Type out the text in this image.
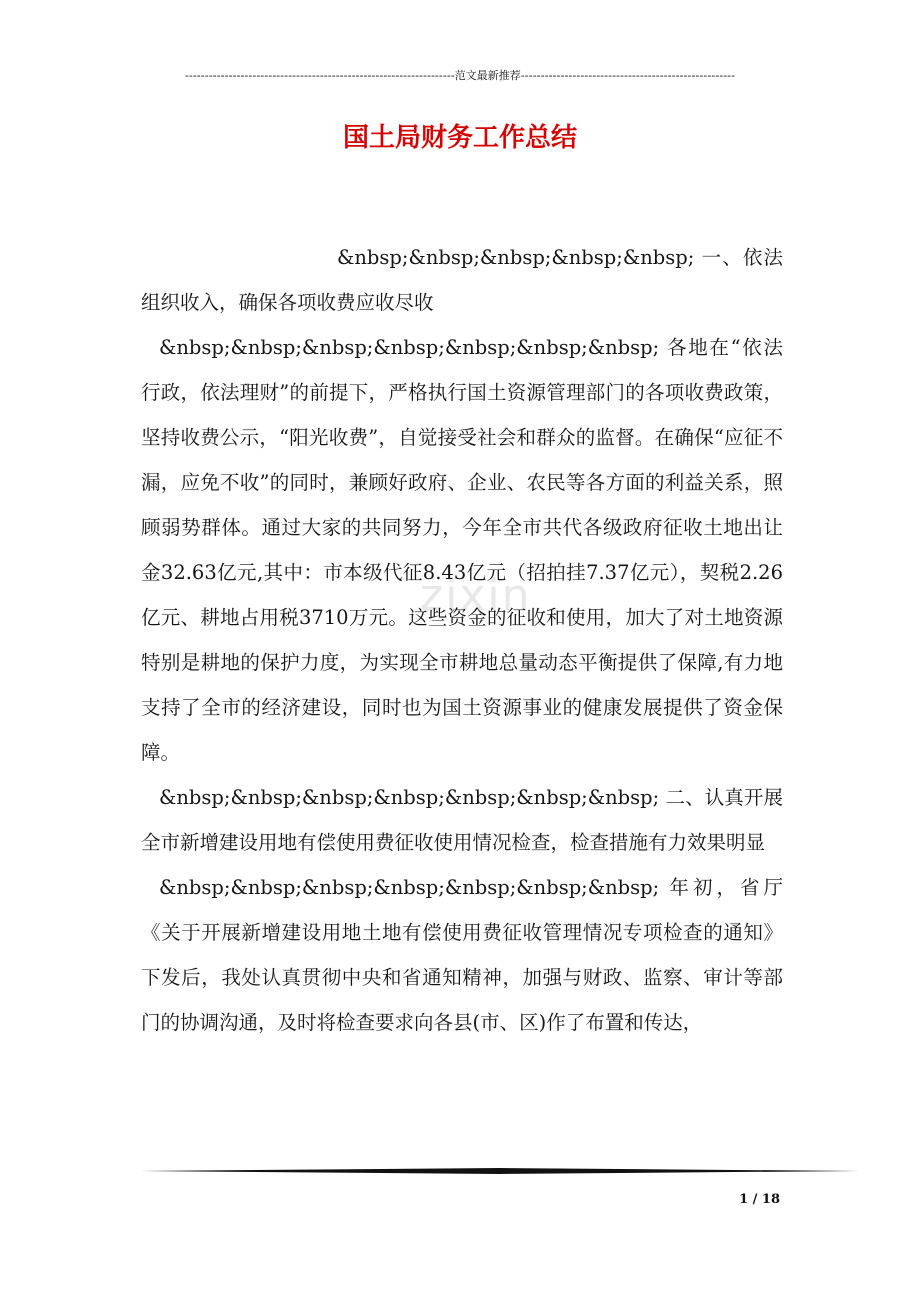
--------------------------------------------------------------------范文最新推荐------------------------------------------------------
国土局财务工作总结
zixin

&nbsp;&nbsp;&nbsp;&nbsp;&nbsp; 一、依法组织收入，确保各项收费应收尽收

&nbsp;&nbsp;&nbsp;&nbsp;&nbsp;&nbsp;&nbsp; 各地在“依法行政，依法理财”的前提下，严格执行国土资源管理部门的各项收费政策，坚持收费公示，“阳光收费”，自觉接受社会和群众的监督。在确保“应征不漏，应免不收”的同时，兼顾好政府、企业、农民等各方面的利益关系，照顾弱势群体。通过大家的共同努力，今年全市共代各级政府征收土地出让金32.63亿元,其中：市本级代征8.43亿元（招拍挂7.37亿元），契税2.26亿元、耕地占用税3710万元。这些资金的征收和使用，加大了对土地资源特别是耕地的保护力度，为实现全市耕地总量动态平衡提供了保障,有力地支持了全市的经济建设，同时也为国土资源事业的健康发展提供了资金保障。

&nbsp;&nbsp;&nbsp;&nbsp;&nbsp;&nbsp;&nbsp; 二、认真开展全市新增建设用地有偿使用费征收使用情况检查，检查措施有力效果明显

&nbsp;&nbsp;&nbsp;&nbsp;&nbsp;&nbsp;&nbsp; 年初，省厅《关于开展新增建设用地土地有偿使用费征收管理情况专项检查的通知》下发后，我处认真贯彻中央和省通知精神，加强与财政、监察、审计等部门的协调沟通，及时将检查要求向各县(市、区)作了布置和传达，

1 / 18
